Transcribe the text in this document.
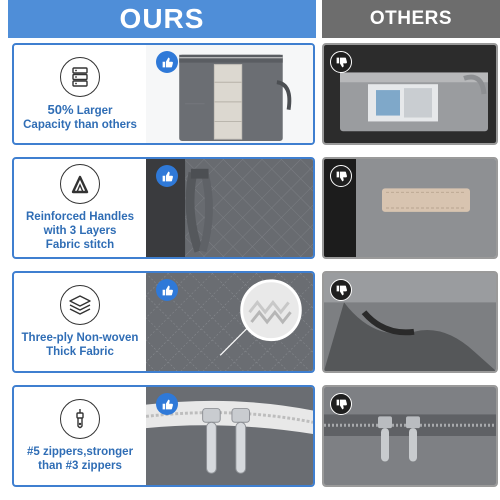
OURS	OTHERS
50% Larger
Capacity than others
Reinforced Handles
with 3 Layers
Fabric stitch
Three-ply Non-woven
Thick Fabric
#5 zippers,stronger
than #3 zippers
